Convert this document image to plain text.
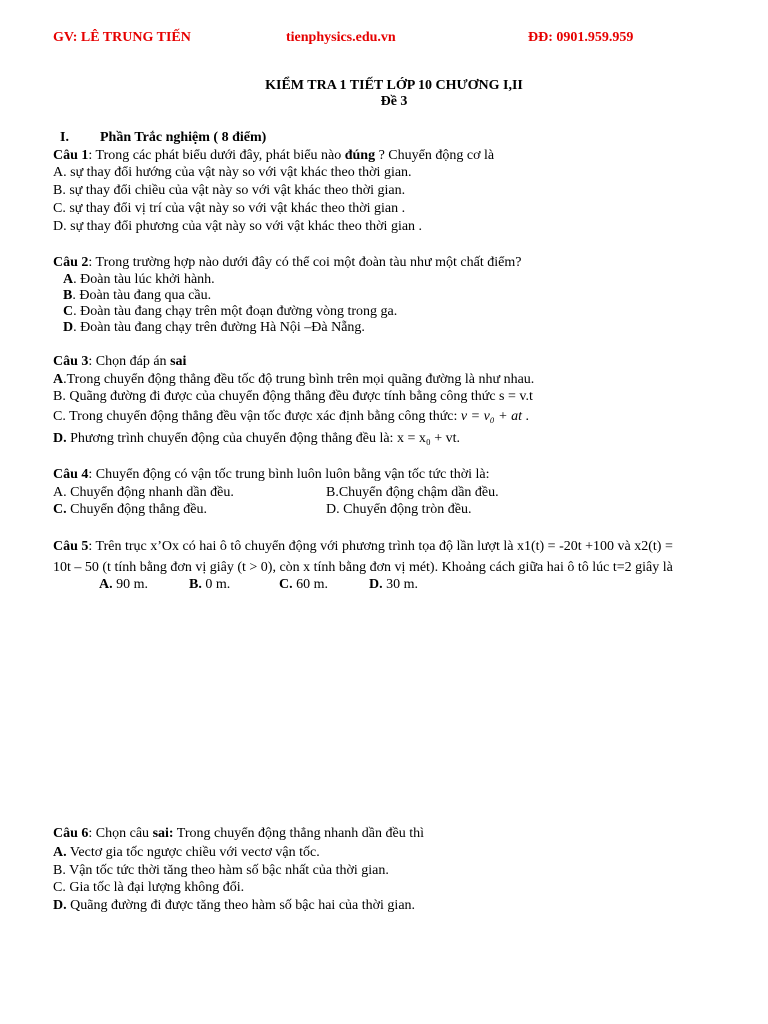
GV: LÊ TRUNG TIẾN	tienphysics.edu.vn	ĐĐ: 0901.959.959
KIỂM TRA 1 TIẾT LỚP 10 CHƯƠNG I,II
Đề 3
I. Phần Trắc nghiệm ( 8 điểm)
Câu 1: Trong các phát biểu dưới đây, phát biểu nào đúng ? Chuyển động cơ là
A. sự thay đổi hướng của vật này so với vật khác theo thời gian.
B. sự thay đổi chiều của vật này so với vật khác theo thời gian.
C. sự thay đổi vị trí của vật này so với vật khác theo thời gian .
D. sự thay đổi phương của vật này so với vật khác theo thời gian .
Câu 2: Trong trường hợp nào dưới đây có thể coi một đoàn tàu như một chất điểm?
A. Đoàn tàu lúc khởi hành.
B. Đoàn tàu đang qua cầu.
C. Đoàn tàu đang chạy trên một đoạn đường vòng trong ga.
D. Đoàn tàu đang chạy trên đường Hà Nội –Đà Nẵng.
Câu 3: Chọn đáp án sai
A.Trong chuyển động thẳng đều tốc độ trung bình trên mọi quãng đường là như nhau.
B. Quãng đường đi được của chuyển động thẳng đều được tính bằng công thức s = v.t
C. Trong chuyển động thẳng đều vận tốc được xác định bằng công thức: v = v₀ + at .
D. Phương trình chuyển động của chuyển động thẳng đều là: x = x₀ + vt.
Câu 4: Chuyển động có vận tốc trung bình luôn luôn bằng vận tốc tức thời là:
A. Chuyển động nhanh dần đều.	B.Chuyển động chậm dần đều.
C. Chuyển động thẳng đều.	D. Chuyển động tròn đều.
Câu 5: Trên trục x’Ox có hai ô tô chuyển động với phương trình tọa độ lần lượt là x1(t) = -20t +100 và x2(t) =
10t – 50 (t tính bằng đơn vị giây (t > 0), còn x tính bằng đơn vị mét). Khoảng cách giữa hai ô tô lúc t=2 giây là
A. 90 m.	B. 0 m.	C. 60 m.	D. 30 m.
Câu 6: Chọn câu sai: Trong chuyển động thẳng nhanh dần đều thì
A. Vectơ gia tốc ngược chiều với vectơ vận tốc.
B. Vận tốc tức thời tăng theo hàm số bậc nhất của thời gian.
C. Gia tốc là đại lượng không đổi.
D. Quãng đường đi được tăng theo hàm số bậc hai của thời gian.
